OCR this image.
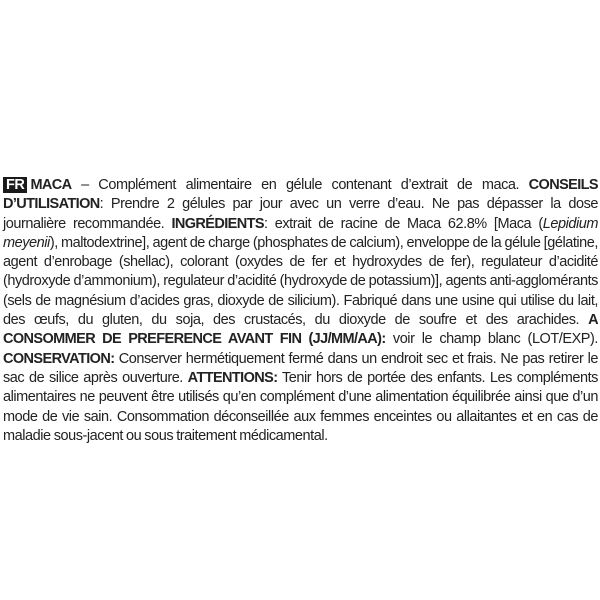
FR MACA – Complément alimentaire en gélule contenant d’extrait de maca. CONSEILS D’UTILISATION: Prendre 2 gélules par jour avec un verre d’eau. Ne pas dépasser la dose journalière recommandée. INGRÉDIENTS: extrait de racine de Maca 62.8% [Maca (Lepidium meyenii), maltodextrine], agent de charge (phosphates de calcium), enveloppe de la gélule [gélatine, agent d’enrobage (shellac), colorant (oxydes de fer et hydroxydes de fer), regulateur d’acidité (hydroxyde d’ammonium), regulateur d’acidité (hydroxyde de potassium)], agents anti-agglomérants (sels de magnésium d’acides gras, dioxyde de silicium). Fabriqué dans une usine qui utilise du lait, des œufs, du gluten, du soja, des crustacés, du dioxyde de soufre et des arachides. A CONSOMMER DE PREFERENCE AVANT FIN (JJ/MM/AA): voir le champ blanc (LOT/EXP). CONSERVATION: Conserver hermétiquement fermé dans un endroit sec et frais. Ne pas retirer le sac de silice après ouverture. ATTENTIONS: Tenir hors de portée des enfants. Les compléments alimentaires ne peuvent être utilisés qu’en complément d’une alimentation équilibrée ainsi que d’un mode de vie sain. Consommation déconseillée aux femmes enceintes ou allaitantes et en cas de maladie sous-jacent ou sous traitement médicamental.
